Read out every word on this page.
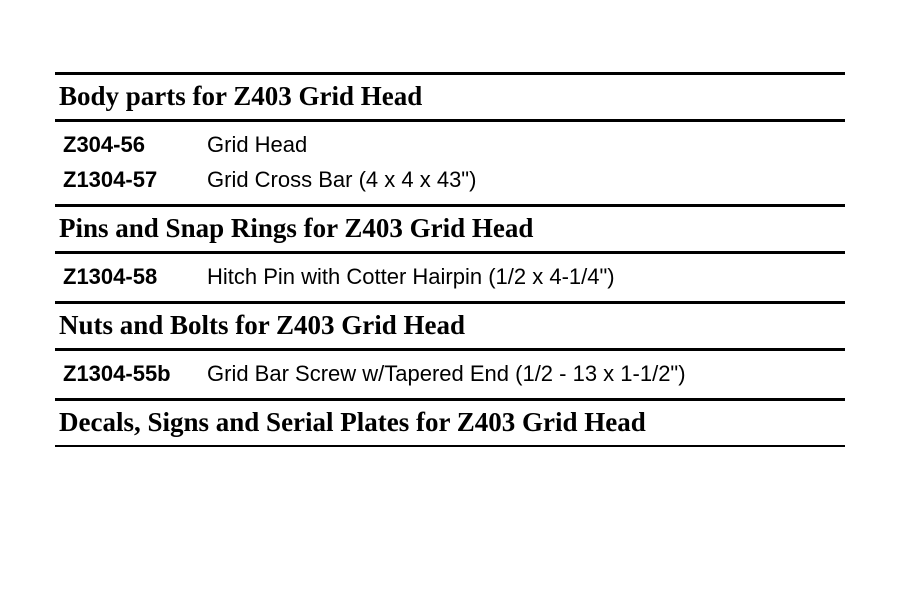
Body parts for Z403 Grid Head
Z304-56	Grid Head
Z1304-57	Grid Cross Bar (4 x 4 x 43")
Pins and Snap Rings for Z403 Grid Head
Z1304-58	Hitch Pin with Cotter Hairpin (1/2 x 4-1/4")
Nuts and Bolts for Z403 Grid Head
Z1304-55b	Grid Bar Screw w/Tapered End (1/2 - 13 x 1-1/2")
Decals, Signs and Serial Plates for Z403 Grid Head
